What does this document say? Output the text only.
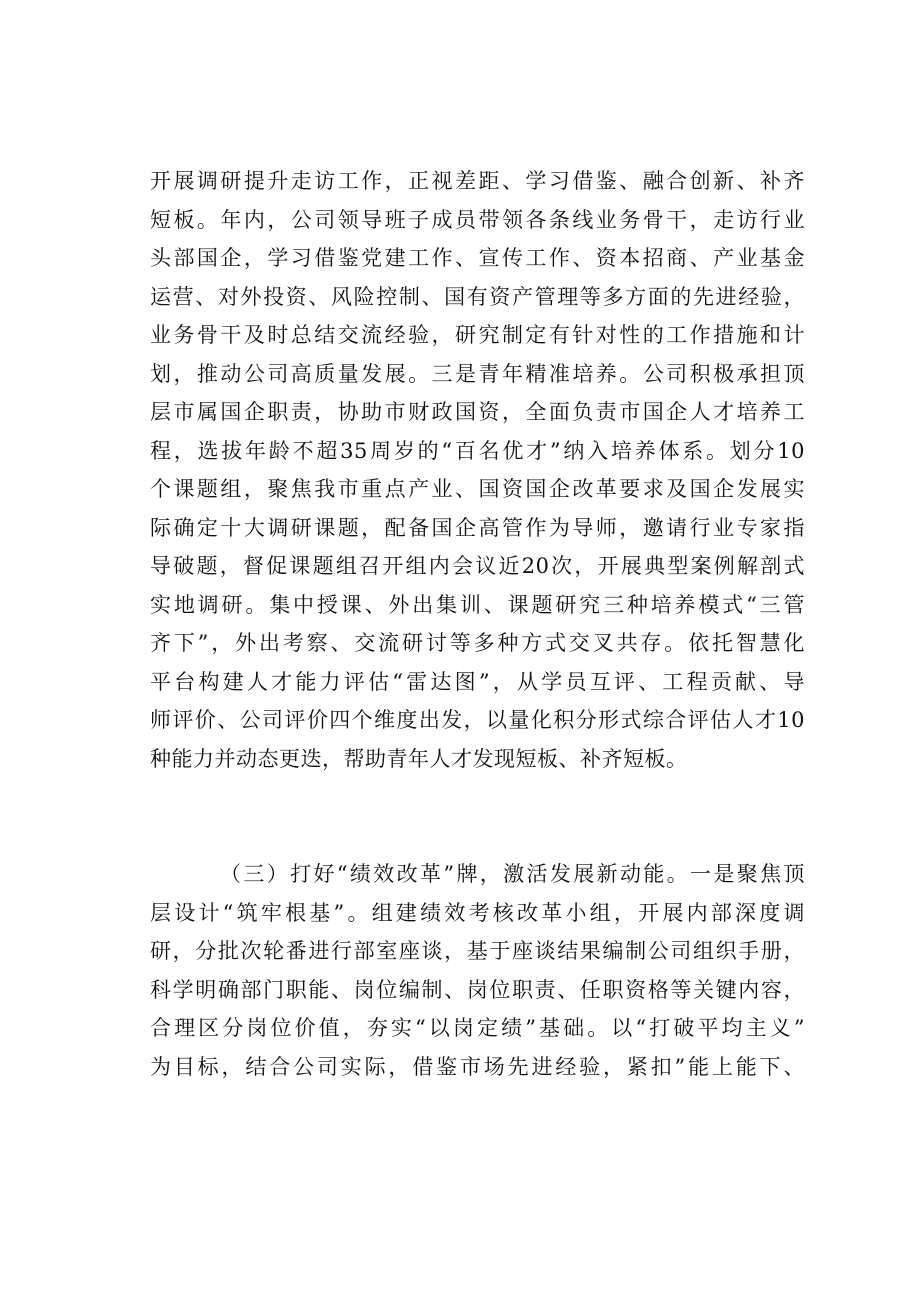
开展调研提升走访工作，正视差距、学习借鉴、融合创新、补齐
短板。年内，公司领导班子成员带领各条线业务骨干，走访行业
头部国企，学习借鉴党建工作、宣传工作、资本招商、产业基金
运营、对外投资、风险控制、国有资产管理等多方面的先进经验，
业务骨干及时总结交流经验，研究制定有针对性的工作措施和计
划，推动公司高质量发展。三是青年精准培养。公司积极承担顶
层市属国企职责，协助市财政国资，全面负责市国企人才培养工
程，选拔年龄不超35周岁的“百名优才”纳入培养体系。划分10
个课题组，聚焦我市重点产业、国资国企改革要求及国企发展实
际确定十大调研课题，配备国企高管作为导师，邀请行业专家指
导破题，督促课题组召开组内会议近20次，开展典型案例解剖式
实地调研。集中授课、外出集训、课题研究三种培养模式“三管
齐下”，外出考察、交流研讨等多种方式交叉共存。依托智慧化
平台构建人才能力评估“雷达图”，从学员互评、工程贡献、导
师评价、公司评价四个维度出发，以量化积分形式综合评估人才10
种能力并动态更迭，帮助青年人才发现短板、补齐短板。
（三）打好“绩效改革”牌，激活发展新动能。一是聚焦顶
层设计“筑牢根基”。组建绩效考核改革小组，开展内部深度调
研，分批次轮番进行部室座谈，基于座谈结果编制公司组织手册，
科学明确部门职能、岗位编制、岗位职责、任职资格等关键内容，
合理区分岗位价值，夯实“以岗定绩”基础。以“打破平均主义”
为目标，结合公司实际，借鉴市场先进经验，紧扣”能上能下、
